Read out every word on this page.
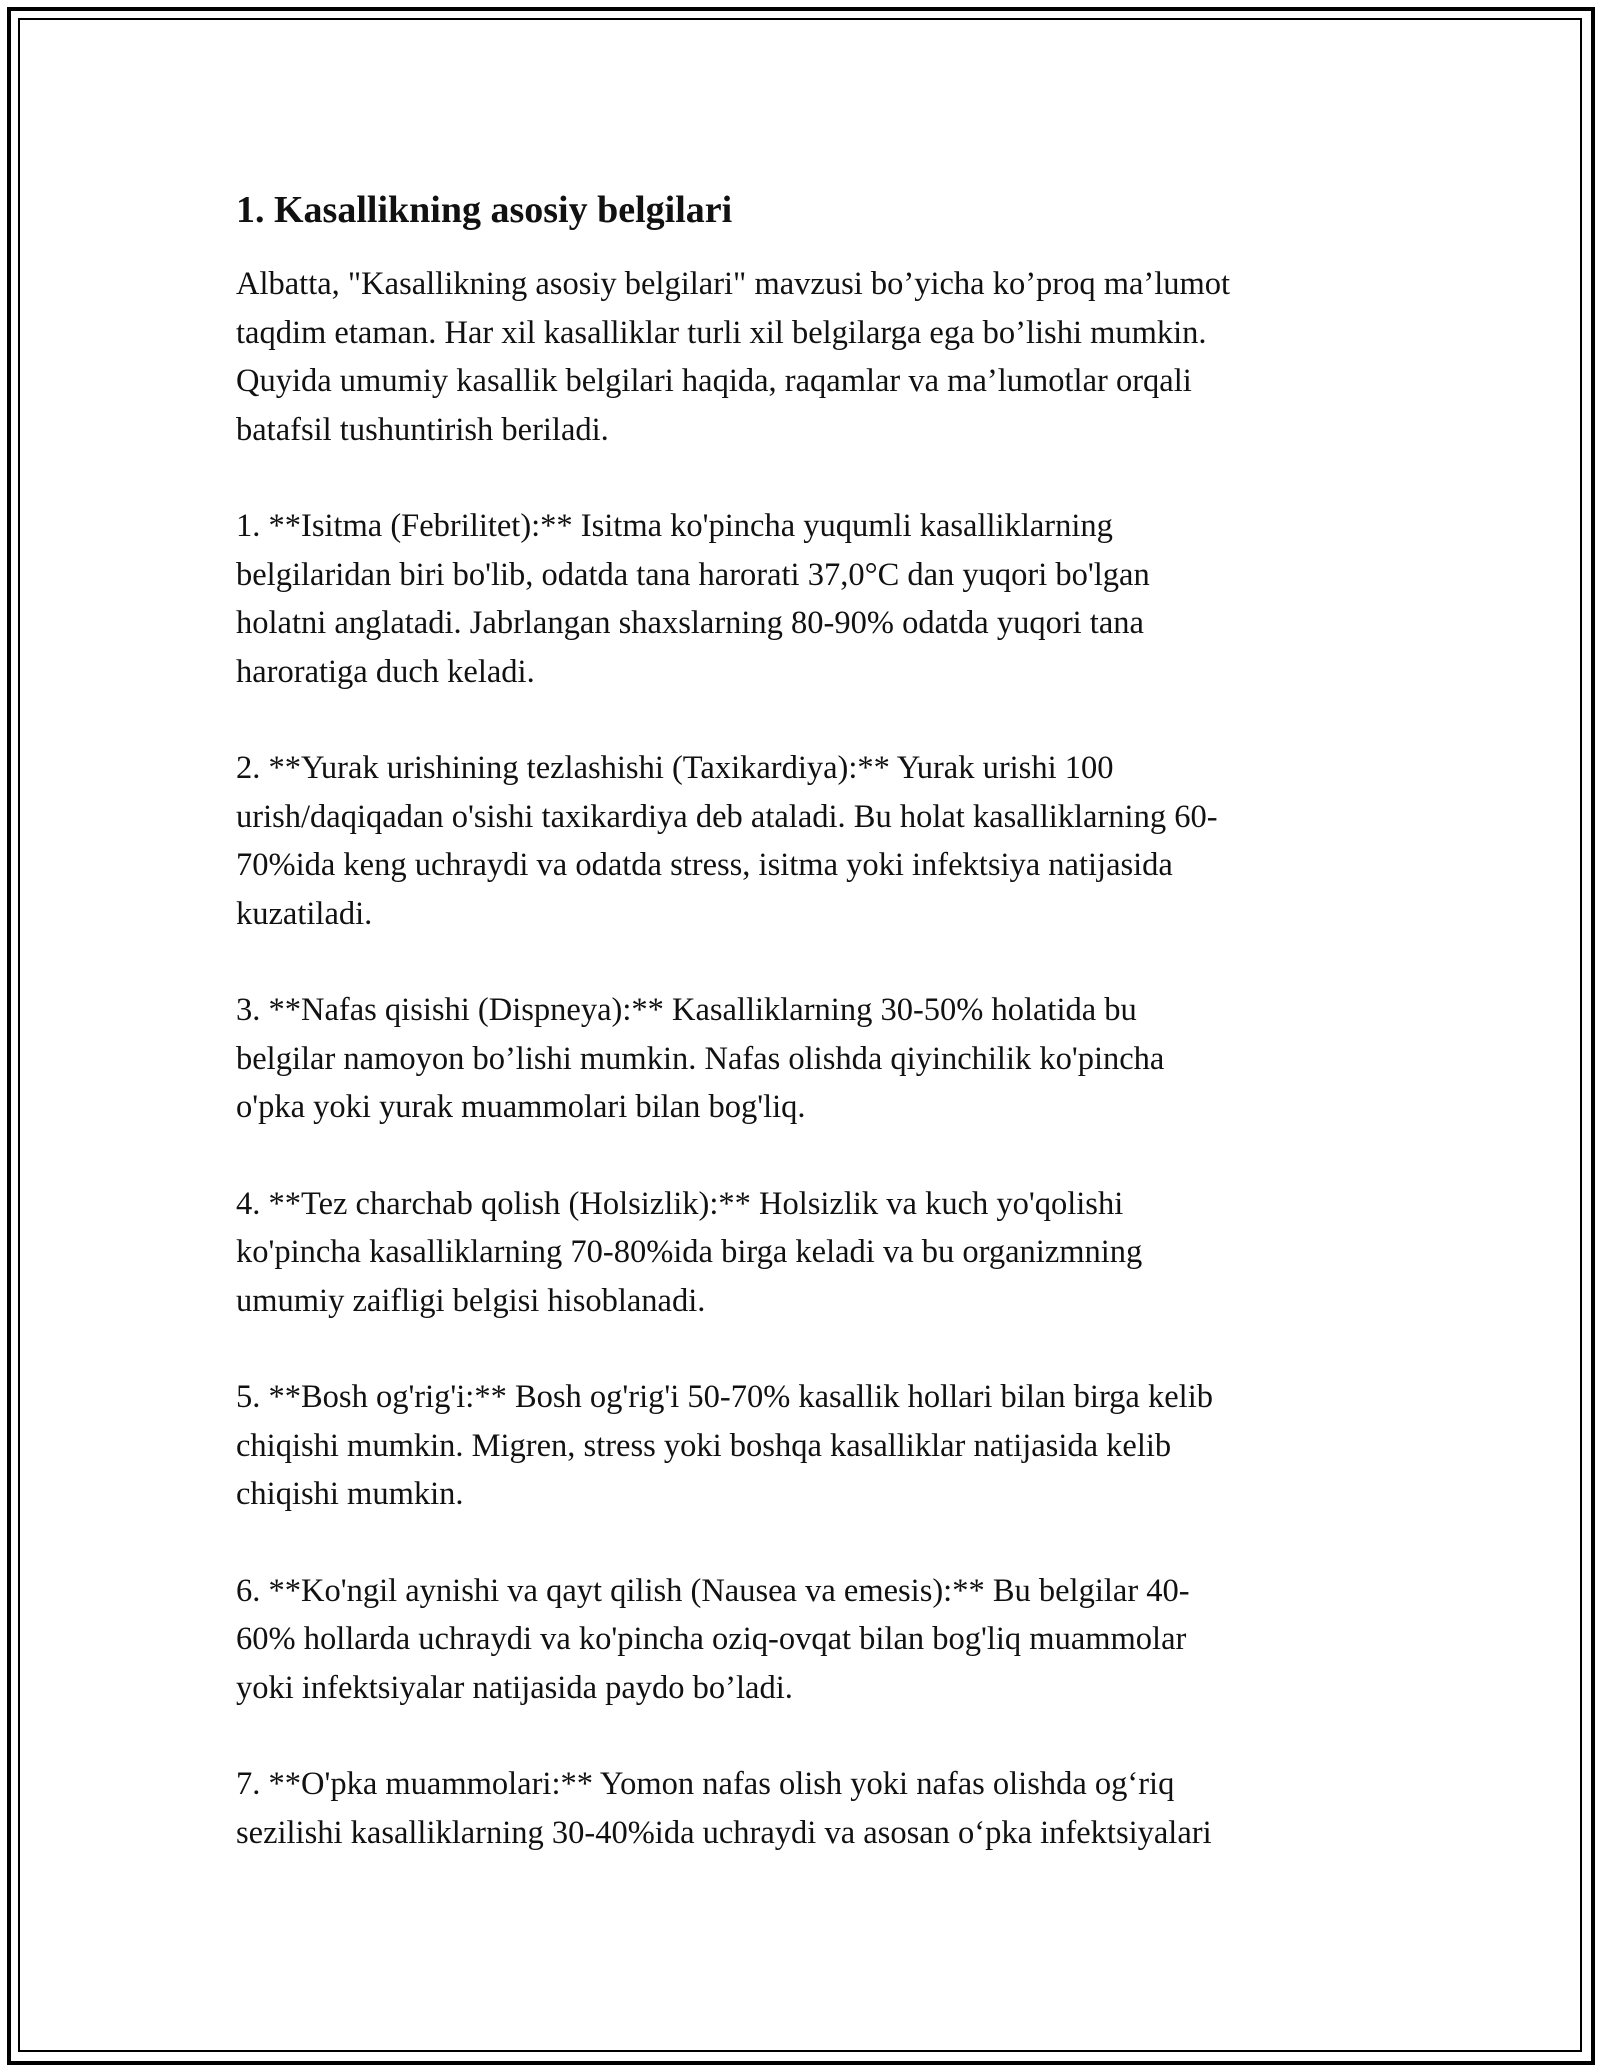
1. Kasallikning asosiy belgilari

Albatta, "Kasallikning asosiy belgilari" mavzusi bo’yicha ko’proq ma’lumot
taqdim etaman. Har xil kasalliklar turli xil belgilarga ega bo’lishi mumkin.
Quyida umumiy kasallik belgilari haqida, raqamlar va ma’lumotlar orqali
batafsil tushuntirish beriladi.

1. **Isitma (Febrilitet):** Isitma ko'pincha yuqumli kasalliklarning
belgilaridan biri bo'lib, odatda tana harorati 37,0°C dan yuqori bo'lgan
holatni anglatadi. Jabrlangan shaxslarning 80-90% odatda yuqori tana
haroratiga duch keladi.

2. **Yurak urishining tezlashishi (Taxikardiya):** Yurak urishi 100
urish/daqiqadan o'sishi taxikardiya deb ataladi. Bu holat kasalliklarning 60-
70%ida keng uchraydi va odatda stress, isitma yoki infektsiya natijasida
kuzatiladi.

3. **Nafas qisishi (Dispneya):** Kasalliklarning 30-50% holatida bu
belgilar namoyon bo’lishi mumkin. Nafas olishda qiyinchilik ko'pincha
o'pka yoki yurak muammolari bilan bog'liq.

4. **Tez charchab qolish (Holsizlik):** Holsizlik va kuch yo'qolishi
ko'pincha kasalliklarning 70-80%ida birga keladi va bu organizmning
umumiy zaifligi belgisi hisoblanadi.

5. **Bosh og'rig'i:** Bosh og'rig'i 50-70% kasallik hollari bilan birga kelib
chiqishi mumkin. Migren, stress yoki boshqa kasalliklar natijasida kelib
chiqishi mumkin.

6. **Ko'ngil aynishi va qayt qilish (Nausea va emesis):** Bu belgilar 40-
60% hollarda uchraydi va ko'pincha oziq-ovqat bilan bog'liq muammolar
yoki infektsiyalar natijasida paydo bo’ladi.

7. **O'pka muammolari:** Yomon nafas olish yoki nafas olishda og‘riq
sezilishi kasalliklarning 30-40%ida uchraydi va asosan o‘pka infektsiyalari
